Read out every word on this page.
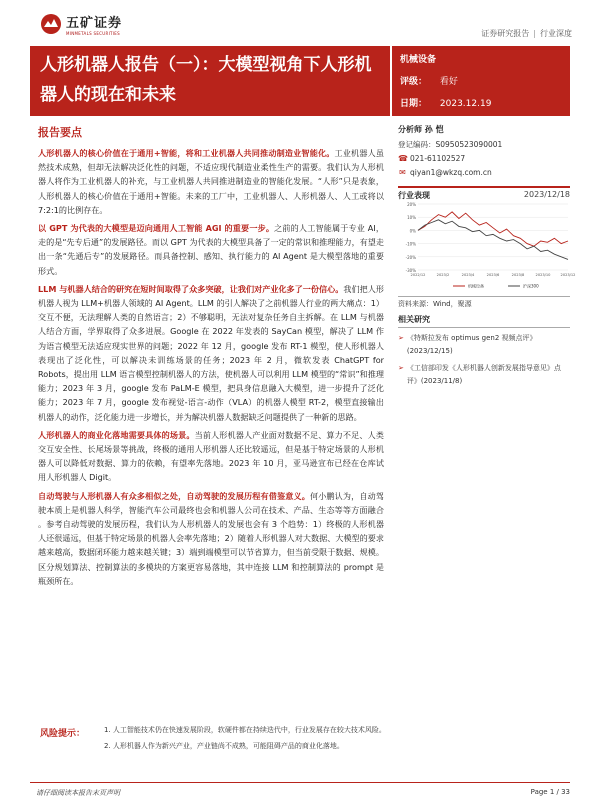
五矿证券
MINMETALS SECURITIES	证券研究报告 | 行业深度
人形机器人报告（一）：大模型视角下人形机器人的现在和未来
机械设备
评级： 看好
日期： 2023.12.19
报告要点
人形机器人的核心价值在于通用+智能，将和工业机器人共同推动制造业智能化。工业机器人虽然技术成熟，但却无法解决泛化性的问题，不适应现代制造业柔性生产的需要。我们认为人形机器人将作为工业机器人的补充，与工业机器人共同推进制造业的智能化发展。“人形”只是表象，人形机器人的核心价值在于通用+智能。未来的工厂中，工业机器人、人形机器人、人工或将以7:2:1的比例存在。
以 GPT 为代表的大模型是迈向通用人工智能 AGI 的重要一步。之前的人工智能属于专业 AI，走的是“先专后通”的发展路径。而以 GPT 为代表的大模型具备了一定的常识和推理能力，有望走出一条“先通后专”的发展路径。而具备控制、感知、执行能力的 AI Agent 是大模型落地的重要形式。
LLM 与机器人结合的研究在短时间取得了众多突破，让我们对产业化多了一份信心。我们把人形机器人视为 LLM+机器人领域的 AI Agent。LLM 的引人解决了之前机器人行业的两大痛点：1）交互不便，无法理解人类的自然语言；2）不够聪明，无法对复杂任务自主拆解。在 LLM 与机器人结合方面，学界取得了众多进展。Google 在 2022 年发表的 SayCan 模型，解决了 LLM 作为语言模型无法适应现实世界的问题；2022 年 12 月，google 发布 RT-1 模型，使人形机器人表现出了泛化性，可以解决未训练场景的任务；2023 年 2 月，微软发表 ChatGPT for Robots，提出用 LLM 语言模型控制机器人的方法，使机器人可以利用 LLM 模型的“常识”和推理能力；2023 年 3 月，google 发布 PaLM-E 模型，把具身信息融入大模型，进一步提升了泛化能力；2023 年 7 月，google 发布视觉-语言-动作（VLA）的机器人模型 RT-2，模型直接输出机器人的动作，泛化能力进一步增长，并为解决机器人数据缺乏问题提供了一种新的思路。
人形机器人的商业化落地需要具体的场景。当前人形机器人产业面对数据不足、算力不足、人类交互安全性、长尾场景等挑战，终极的通用人形机器人还比较遥远，但是基于特定场景的人形机器人可以降低对数据、算力的依赖，有望率先落地。2023 年 10 月，亚马逊宣布已经在仓库试用人形机器人 Digit。
自动驾驶与人形机器人有众多相似之处，自动驾驶的发展历程有借鉴意义。何小鹏认为，自动驾驶本质上是机器人科学，智能汽车公司最终也会和机器人公司在技术、产品、生态等等方面融合 。参考自动驾驶的发展历程，我们认为人形机器人的发展也会有 3 个趋势：1）终极的人形机器人还很遥远，但基于特定场景的机器人会率先落地；2）随着人形机器人对大数据、大模型的要求越来越高，数据闭环能力越来越关键；3）端到端模型可以节省算力，但当前受限于数据、规模。区分规划算法、控制算法的多模块的方案更容易落地，其中连接 LLM 和控制算法的 prompt 是瓶颈所在。
分析师 孙 恺
登记编码：S0950523090001
☎ 021-61102527
✉ qiyan1@wkzq.com.cn
行业表现	2023/12/18
20%
10%
0%
-10%
-20%
-30%
2022/12	2023/2	2023/4	2023/6	2023/8	2023/10	2023/12
机械设备	沪深300
资料来源：Wind，聚源
相关研究
➢ 《特斯拉发布 optimus gen2 视频点评》(2023/12/15)
➢ 《工信部印发《人形机器人创新发展指导意见》点评》(2023/11/8)
风险提示：	1. 人工智能技术仍在快速发展阶段，软硬件都在持续迭代中，行业发展存在较大技术风险。
2. 人形机器人作为新兴产业，产业链尚不成熟，可能阻碍产品的商业化落地。
请仔细阅读本报告末页声明	Page 1 / 33
